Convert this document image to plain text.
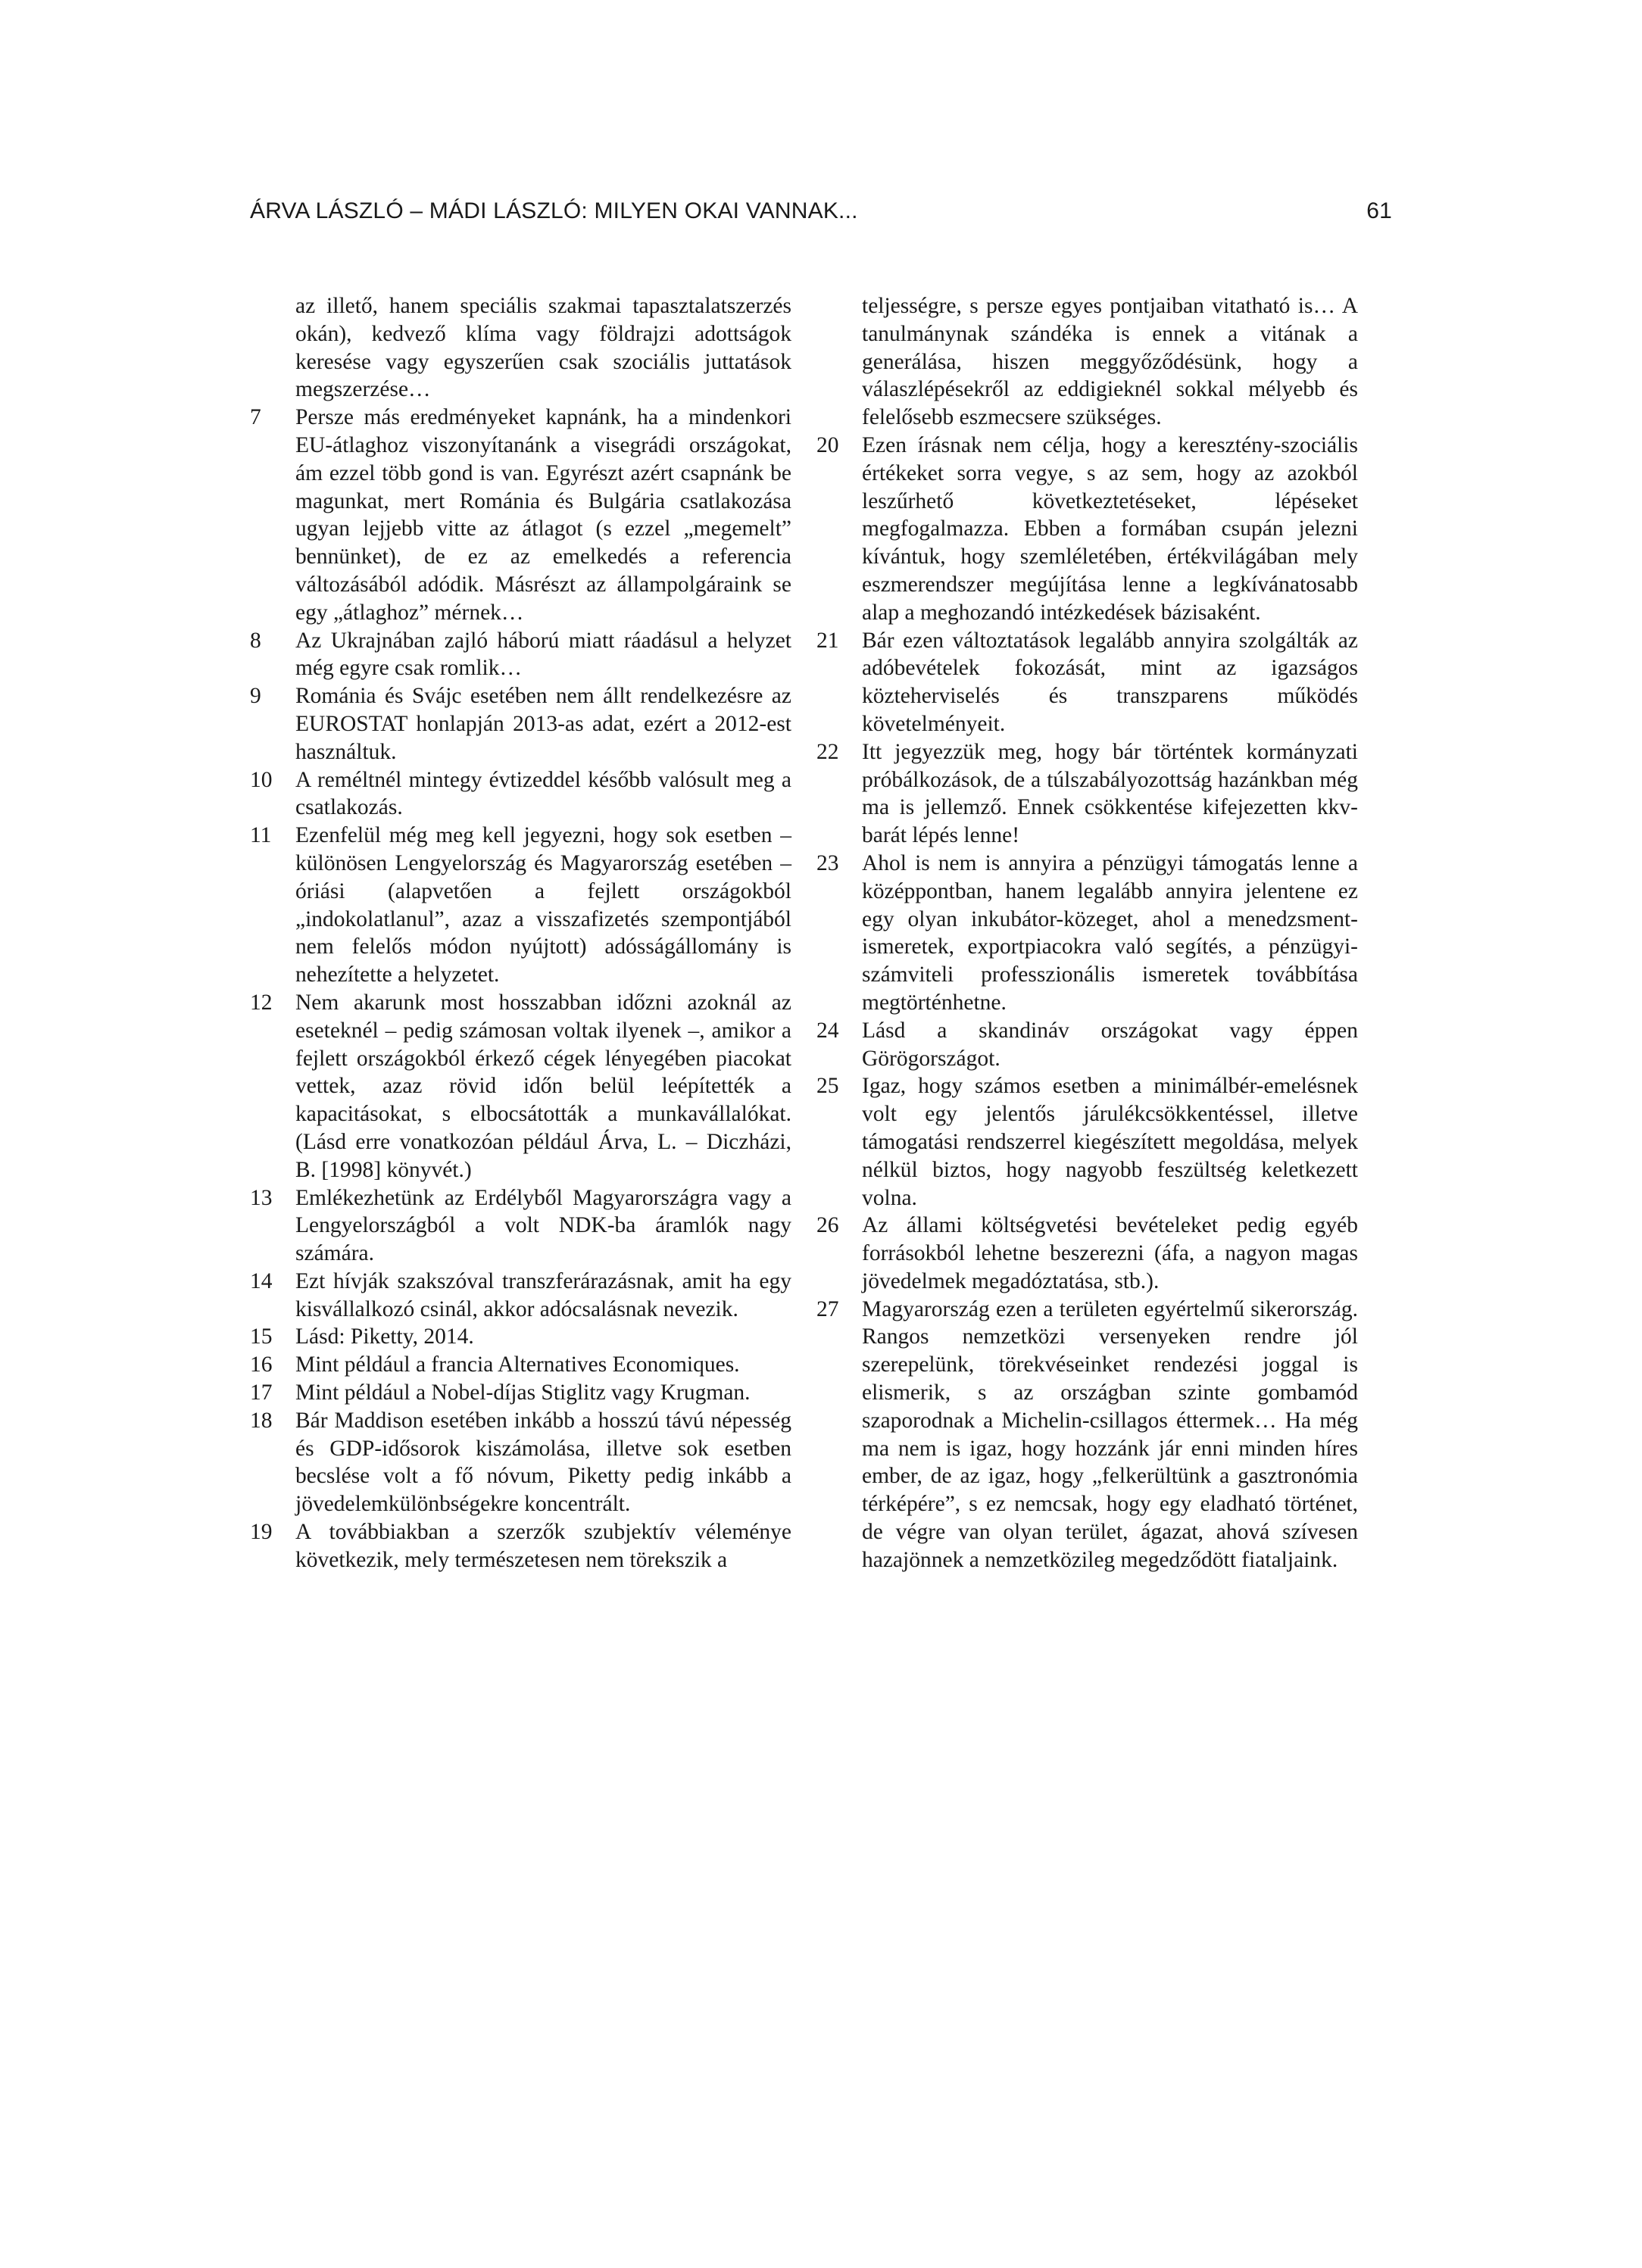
ÁRVA LÁSZLÓ – MÁDI LÁSZLÓ: MILYEN OKAI VANNAK...	61
az illető, hanem speciális szakmai tapasztalatszerzés okán), kedvező klíma vagy földrajzi adottságok keresése vagy egyszerűen csak szociális juttatások megszerzése…
7	Persze más eredményeket kapnánk, ha a mindenkori EU-átlaghoz viszonyítanánk a visegrádi országokat, ám ezzel több gond is van. Egyrészt azért csapnánk be magunkat, mert Románia és Bulgária csatlakozása ugyan lejjebb vitte az átlagot (s ezzel „megemelt” bennünket), de ez az emelkedés a referencia változásából adódik. Másrészt az állampolgáraink se egy „átlaghoz” mérnek…
8	Az Ukrajnában zajló háború miatt ráadásul a helyzet még egyre csak romlik…
9	Románia és Svájc esetében nem állt rendelkezésre az EUROSTAT honlapján 2013-as adat, ezért a 2012-est használtuk.
10	A reméltnél mintegy évtizeddel később valósult meg a csatlakozás.
11	Ezenfelül még meg kell jegyezni, hogy sok esetben – különösen Lengyelország és Magyarország esetében – óriási (alapvetően a fejlett országokból „indokolatlanul”, azaz a visszafizetés szempontjából nem felelős módon nyújtott) adósságállomány is nehezítette a helyzetet.
12	Nem akarunk most hosszabban időzni azoknál az eseteknél – pedig számosan voltak ilyenek –, amikor a fejlett országokból érkező cégek lényegében piacokat vettek, azaz rövid időn belül leépítették a kapacitásokat, s elbocsátották a munkavállalókat. (Lásd erre vonatkozóan például Árva, L. – Diczházi, B. [1998] könyvét.)
13	Emlékezhetünk az Erdélyből Magyarországra vagy a Lengyelországból a volt NDK-ba áramlók nagy számára.
14	Ezt hívják szakszóval transzferárazásnak, amit ha egy kisvállalkozó csinál, akkor adócsalásnak nevezik.
15	Lásd: Piketty, 2014.
16	Mint például a francia Alternatives Economiques.
17	Mint például a Nobel-díjas Stiglitz vagy Krugman.
18	Bár Maddison esetében inkább a hosszú távú népesség és GDP-idősorok kiszámolása, illetve sok esetben becslése volt a fő nóvum, Piketty pedig inkább a jövedelemkülönbségekre koncentrált.
19	A továbbiakban a szerzők szubjektív véleménye következik, mely természetesen nem törekszik a
teljességre, s persze egyes pontjaiban vitatható is… A tanulmánynak szándéka is ennek a vitának a generálása, hiszen meggyőződésünk, hogy a válaszlépésekről az eddigieknél sokkal mélyebb és felelősebb eszmecsere szükséges.
20	Ezen írásnak nem célja, hogy a keresztény-szociális értékeket sorra vegye, s az sem, hogy az azokból leszűrhető következtetéseket, lépéseket megfogalmazza. Ebben a formában csupán jelezni kívántuk, hogy szemléletében, értékvilágában mely eszmerendszer megújítása lenne a legkívánatosabb alap a meghozandó intézkedések bázisaként.
21	Bár ezen változtatások legalább annyira szolgálták az adóbevételek fokozását, mint az igazságos közteherviselés és transzparens működés követelményeit.
22	Itt jegyezzük meg, hogy bár történtek kormányzati próbálkozások, de a túlszabályozottság hazánkban még ma is jellemző. Ennek csökkentése kifejezetten kkv-barát lépés lenne!
23	Ahol is nem is annyira a pénzügyi támogatás lenne a középpontban, hanem legalább annyira jelentene ez egy olyan inkubátor-közeget, ahol a menedzsment-ismeretek, exportpiacokra való segítés, a pénzügyi-számviteli professzionális ismeretek továbbítása megtörténhetne.
24	Lásd a skandináv országokat vagy éppen Görögországot.
25	Igaz, hogy számos esetben a minimálbér-emelésnek volt egy jelentős járulékcsökkentéssel, illetve támogatási rendszerrel kiegészített megoldása, melyek nélkül biztos, hogy nagyobb feszültség keletkezett volna.
26	Az állami költségvetési bevételeket pedig egyéb forrásokból lehetne beszerezni (áfa, a nagyon magas jövedelmek megadóztatása, stb.).
27	Magyarország ezen a területen egyértelmű sikerország. Rangos nemzetközi versenyeken rendre jól szerepelünk, törekvéseinket rendezési joggal is elismerik, s az országban szinte gombamód szaporodnak a Michelin-csillagos éttermek… Ha még ma nem is igaz, hogy hozzánk jár enni minden híres ember, de az igaz, hogy „felkerültünk a gasztronómia térképére”, s ez nemcsak, hogy egy eladható történet, de végre van olyan terület, ágazat, ahová szívesen hazajönnek a nemzetközileg megedződött fiataljaink.
